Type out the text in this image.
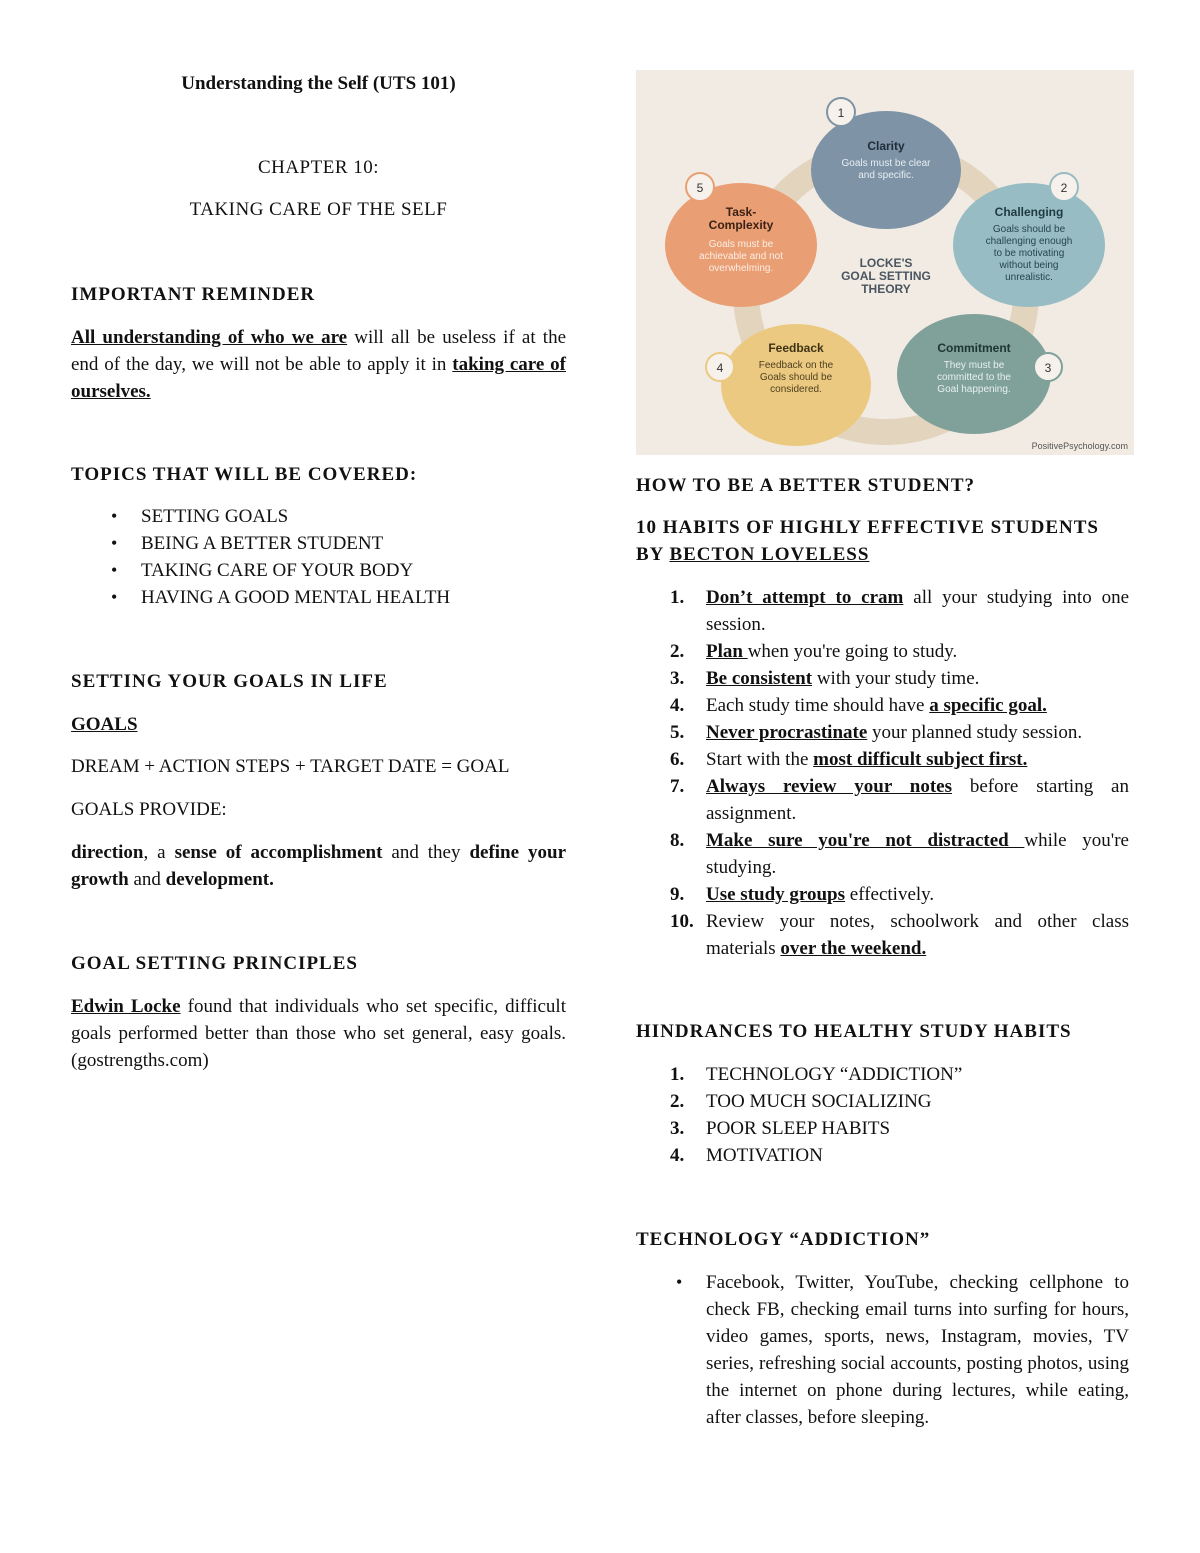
Understanding the Self (UTS 101)

CHAPTER 10:

TAKING CARE OF THE SELF

IMPORTANT REMINDER

All understanding of who we are will all be useless if at the end of the day, we will not be able to apply it in taking care of ourselves.

TOPICS THAT WILL BE COVERED:

• SETTING GOALS
• BEING A BETTER STUDENT
• TAKING CARE OF YOUR BODY
• HAVING A GOOD MENTAL HEALTH

SETTING YOUR GOALS IN LIFE

GOALS

DREAM + ACTION STEPS + TARGET DATE = GOAL

GOALS PROVIDE:

direction, a sense of accomplishment and they define your growth and development.

GOAL SETTING PRINCIPLES

Edwin Locke found that individuals who set specific, difficult goals performed better than those who set general, easy goals. (gostrengths.com)

LOCKE'S
GOAL SETTING
THEORY
1
Clarity
Goals must be clear
and specific.
2
Challenging
Goals should be
challenging enough
to be motivating
without being
unrealistic.
3
Commitment
They must be
committed to the
Goal happening.
4
Feedback
Feedback on the
Goals should be
considered.
5
Task-Complexity
Goals must be
achievable and not
overwhelming.
PositivePsychology.com

HOW TO BE A BETTER STUDENT?

10 HABITS OF HIGHLY EFFECTIVE STUDENTS BY BECTON LOVELESS

1. Don’t attempt to cram all your studying into one session.
2. Plan when you're going to study.
3. Be consistent with your study time.
4. Each study time should have a specific goal.
5. Never procrastinate your planned study session.
6. Start with the most difficult subject first.
7. Always review your notes before starting an assignment.
8. Make sure you're not distracted while you're studying.
9. Use study groups effectively.
10. Review your notes, schoolwork and other class materials over the weekend.

HINDRANCES TO HEALTHY STUDY HABITS

1. TECHNOLOGY “ADDICTION”
2. TOO MUCH SOCIALIZING
3. POOR SLEEP HABITS
4. MOTIVATION

TECHNOLOGY “ADDICTION”

• Facebook, Twitter, YouTube, checking cellphone to check FB, checking email turns into surfing for hours, video games, sports, news, Instagram, movies, TV series, refreshing social accounts, posting photos, using the internet on phone during lectures, while eating, after classes, before sleeping.
